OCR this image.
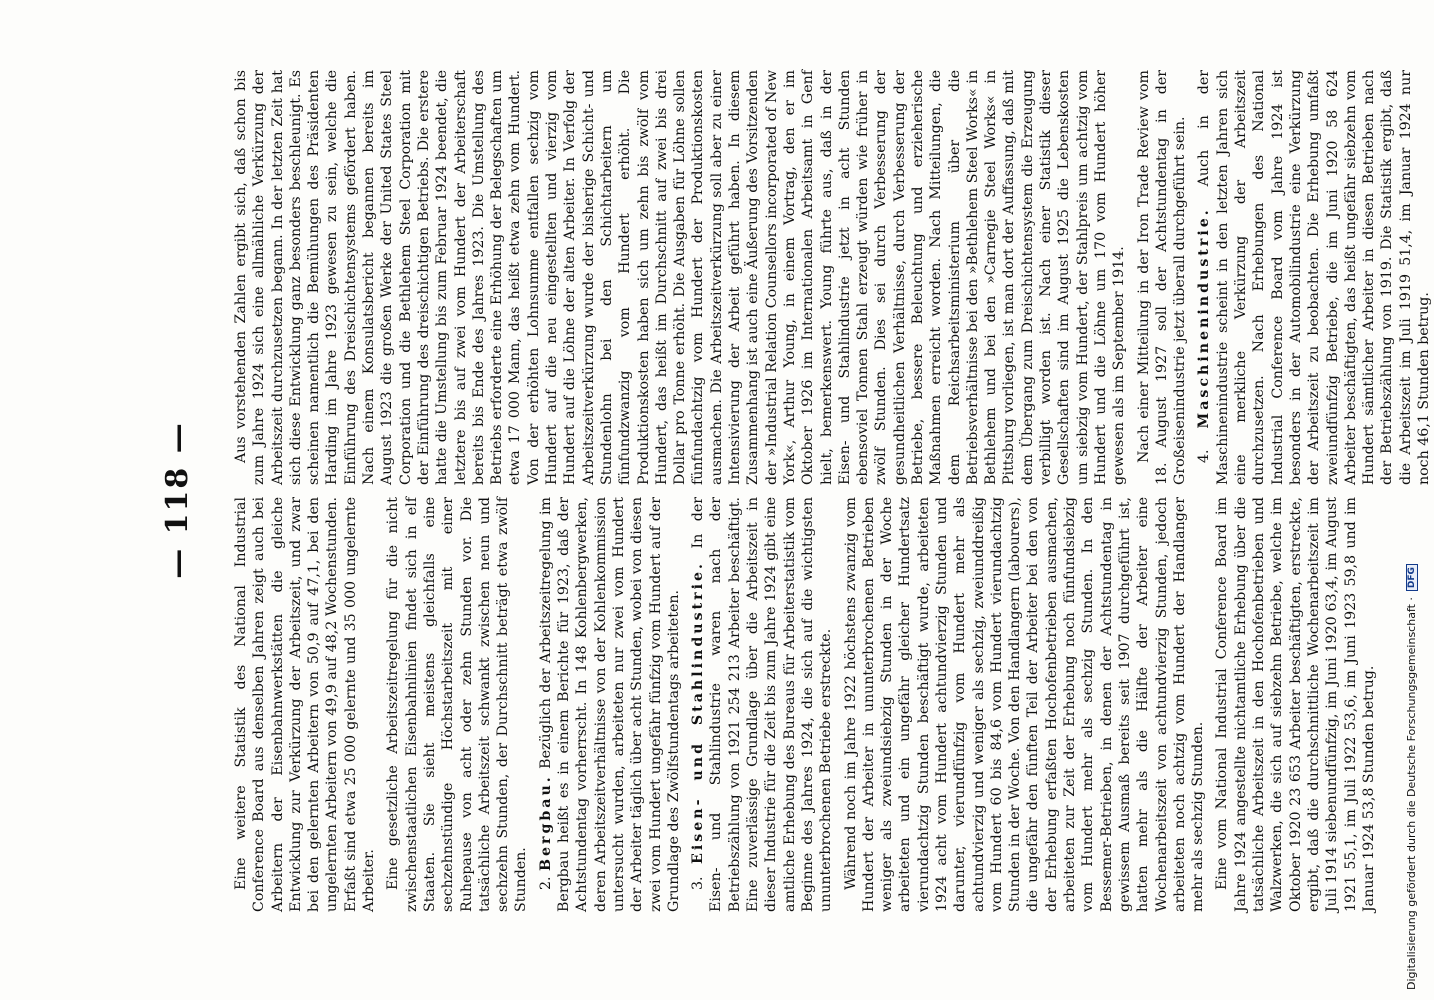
— 118 —	Eine weitere Statistik des National Industrial Conference Board aus denselben Jahren zeigt auch bei Arbeitern der Eisenbahnwerkstätten die gleiche Entwicklung zur Verkürzung der Arbeitszeit, und zwar bei den gelernten Arbeitern von 50,9 auf 47,1, bei den ungelernten Arbeitern von 49,9 auf 48,2 Wochenstunden. Erfaßt sind etwa 25 000 gelernte und 35 000 ungelernte Arbeiter. Eine gesetzliche Arbeitszeitregelung für die nicht zwischenstaatlichen Eisenbahnlinien findet sich in elf Staaten. Sie sieht meistens gleichfalls eine sechzehnstündige Höchstarbeitszeit mit einer Ruhepause von acht oder zehn Stunden vor. Die tatsächliche Arbeitszeit schwankt zwischen neun und sechzehn Stunden, der Durchschnitt beträgt etwa zwölf Stunden. 2. Bergbau. Bezüglich der Arbeitszeitregelung im Bergbau heißt es in einem Berichte für 1923, daß der Achtstundentag vorherrscht. In 148 Kohlenbergwerken, deren Arbeitszeitverhältnisse von der Kohlenkommission untersucht wurden, arbeiteten nur zwei vom Hundert der Arbeiter täglich über acht Stunden, wobei von diesen zwei vom Hundert ungefähr fünfzig vom Hundert auf der Grundlage des Zwölfstundentags arbeiteten. 3. Eisen- und Stahlindustrie. In der Eisen- und Stahlindustrie waren nach der Betriebszählung von 1921 254 213 Arbeiter beschäftigt. Eine zuverlässige Grundlage über die Arbeitszeit in dieser Industrie für die Zeit bis zum Jahre 1924 gibt eine amtliche Erhebung des Bureaus für Arbeiterstatistik vom Beginne des Jahres 1924, die sich auf die wichtigsten ununterbrochenen Betriebe erstreckte. Während noch im Jahre 1922 höchstens zwanzig vom Hundert der Arbeiter in ununterbrochenen Betrieben weniger als zweiundsiebzig Stunden in der Woche arbeiteten und ein ungefähr gleicher Hundertsatz vierundachtzig Stunden beschäftigt wurde, arbeiteten 1924 acht vom Hundert achtundvierzig Stunden und darunter, vierundfünfzig vom Hundert mehr als achtundvierzig und weniger als sechzig, zweiunddreißig vom Hundert 60 bis 84,6 vom Hundert vierundachtzig Stunden in der Woche. Von den Handlangern (labourers), die ungefähr den fünften Teil der Arbeiter bei den von der Erhebung erfaßten Hochofenbetrieben ausmachen, arbeiteten zur Zeit der Erhebung noch fünfundsiebzig vom Hundert mehr als sechzig Stunden. In den Bessemer-Betrieben, in denen der Achtstundentag in gewissem Ausmaß bereits seit 1907 durchgeführt ist, hatten mehr als die Hälfte der Arbeiter eine Wochenarbeitszeit von achtundvierzig Stunden, jedoch arbeiteten noch achtzig vom Hundert der Handlanger mehr als sechzig Stunden. Eine vom National Industrial Conference Board im Jahre 1924 angestellte nichtamtliche Erhebung über die tatsächliche Arbeitszeit in den Hochofenbetrieben und Walzwerken, die sich auf siebzehn Betriebe, welche im Oktober 1920 23 653 Arbeiter beschäftigten, erstreckte, ergibt, daß die durchschnittliche Wochenarbeitszeit im Juli 1914 siebenundfünfzig, im Juni 1920 63,4, im August 1921 55,1, im Juli 1922 53,6, im Juni 1923 59,8 und im Januar 1924 53,8 Stunden betrug.

Aus vorstehenden Zahlen ergibt sich, daß schon bis zum Jahre 1924 sich eine allmähliche Verkürzung der Arbeitszeit durchzusetzen begann. In der letzten Zeit hat sich diese Entwicklung ganz besonders beschleunigt. Es scheinen namentlich die Bemühungen des Präsidenten Harding im Jahre 1923 gewesen zu sein, welche die Einführung des Dreischichtensystems gefördert haben. Nach einem Konsulatsbericht begannen bereits im August 1923 die großen Werke der United States Steel Corporation und die Bethlehem Steel Corporation mit der Einführung des dreischichtigen Betriebs. Die erstere hatte die Umstellung bis zum Februar 1924 beendet, die letztere bis auf zwei vom Hundert der Arbeiterschaft bereits bis Ende des Jahres 1923. Die Umstellung des Betriebs erforderte eine Erhöhung der Belegschaften um etwa 17 000 Mann, das heißt etwa zehn vom Hundert. Von der erhöhten Lohnsumme entfallen sechzig vom Hundert auf die neu eingestellten und vierzig vom Hundert auf die Löhne der alten Arbeiter. In Verfolg der Arbeitszeitverkürzung wurde der bisherige Schicht- und Stundenlohn bei den Schichtarbeitern um fünfundzwanzig vom Hundert erhöht. Die Produktionskosten haben sich um zehn bis zwölf vom Hundert, das heißt im Durchschnitt auf zwei bis drei Dollar pro Tonne erhöht. Die Ausgaben für Löhne sollen fünfundachtzig vom Hundert der Produktionskosten ausmachen. Die Arbeitszeitverkürzung soll aber zu einer Intensivierung der Arbeit geführt haben. In diesem Zusammenhang ist auch eine Äußerung des Vorsitzenden der »Industrial Relation Counsellors incorporated of New York«, Arthur Young, in einem Vortrag, den er im Oktober 1926 im Internationalen Arbeitsamt in Genf hielt, bemerkenswert. Young führte aus, daß in der Eisen- und Stahlindustrie jetzt in acht Stunden ebensoviel Tonnen Stahl erzeugt würden wie früher in zwölf Stunden. Dies sei durch Verbesserung der gesundheitlichen Verhältnisse, durch Verbesserung der Betriebe, bessere Beleuchtung und erzieherische Maßnahmen erreicht worden. Nach Mitteilungen, die dem Reichsarbeitsministerium über die Betriebsverhältnisse bei den »Bethlehem Steel Works« in Bethlehem und bei den »Carnegie Steel Works« in Pittsburg vorliegen, ist man dort der Auffassung, daß mit dem Übergang zum Dreischichtensystem die Erzeugung verbilligt worden ist. Nach einer Statistik dieser Gesellschaften sind im August 1925 die Lebenskosten um siebzig vom Hundert, der Stahlpreis um achtzig vom Hundert und die Löhne um 170 vom Hundert höher gewesen als im September 1914. Nach einer Mitteilung in der Iron Trade Review vom 18. August 1927 soll der Achtstundentag in der Großeisenindustrie jetzt überall durchgeführt sein. 4. Maschinenindustrie. Auch in der Maschinenindustrie scheint in den letzten Jahren sich eine merkliche Verkürzung der Arbeitszeit durchzusetzen. Nach Erhebungen des National Industrial Conference Board vom Jahre 1924 ist besonders in der Automobilindustrie eine Verkürzung der Arbeitszeit zu beobachten. Die Erhebung umfaßt zweiundfünfzig Betriebe, die im Juni 1920 58 624 Arbeiter beschäftigten, das heißt ungefähr siebzehn vom Hundert sämtlicher Arbeiter in diesen Betrieben nach der Betriebszählung von 1919. Die Statistik ergibt, daß die Arbeitszeit im Juli 1919 51,4, im Januar 1924 nur noch 46,1 Stunden betrug.

Digitalisierung gefördert durch die Deutsche Forschungsgemeinschaft ·
DFG
